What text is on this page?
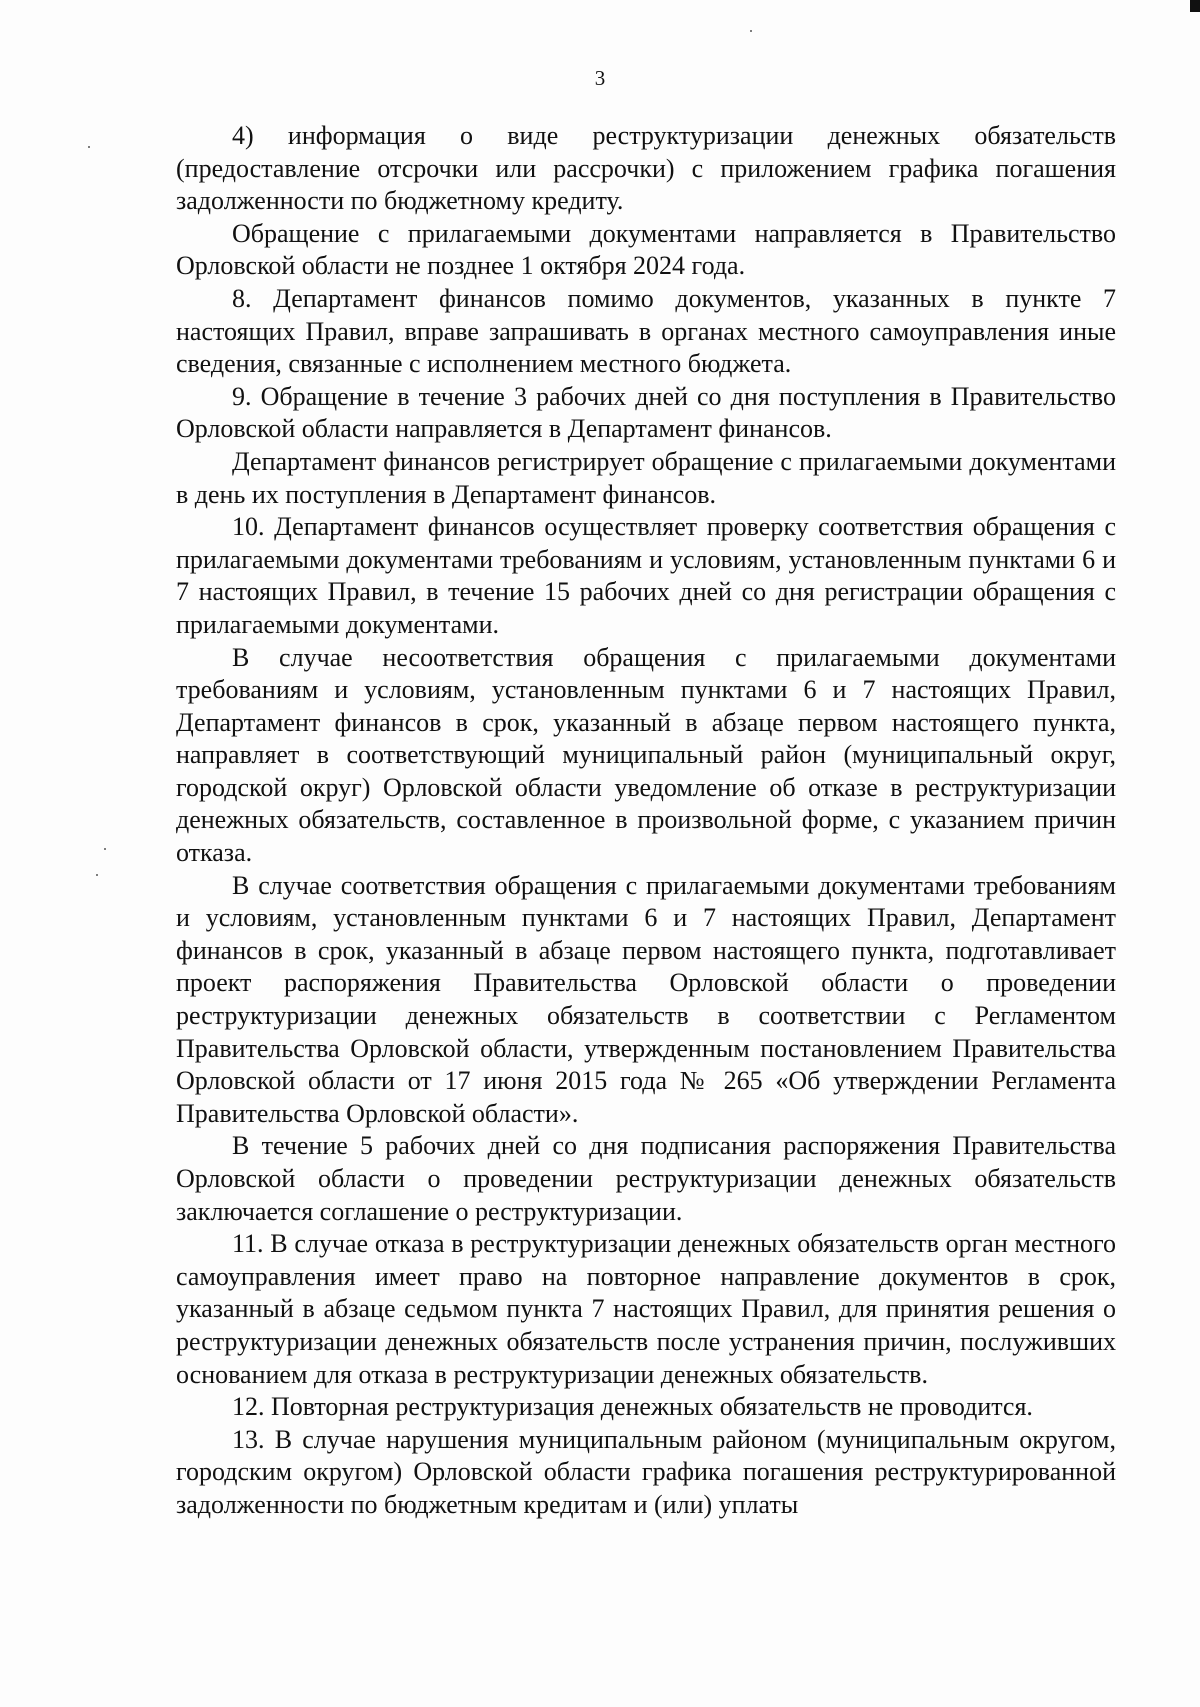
3

4) информация о виде реструктуризации денежных обязательств (предоставление отсрочки или рассрочки) с приложением графика погашения задолженности по бюджетному кредиту.

Обращение с прилагаемыми документами направляется в Правительство Орловской области не позднее 1 октября 2024 года.

8. Департамент финансов помимо документов, указанных в пункте 7 настоящих Правил, вправе запрашивать в органах местного самоуправления иные сведения, связанные с исполнением местного бюджета.

9. Обращение в течение 3 рабочих дней со дня поступления в Правительство Орловской области направляется в Департамент финансов.

Департамент финансов регистрирует обращение с прилагаемыми документами в день их поступления в Департамент финансов.

10. Департамент финансов осуществляет проверку соответствия обращения с прилагаемыми документами требованиям и условиям, установленным пунктами 6 и 7 настоящих Правил, в течение 15 рабочих дней со дня регистрации обращения с прилагаемыми документами.

В случае несоответствия обращения с прилагаемыми документами требованиям и условиям, установленным пунктами 6 и 7 настоящих Правил, Департамент финансов в срок, указанный в абзаце первом настоящего пункта, направляет в соответствующий муниципальный район (муниципальный округ, городской округ) Орловской области уведомление об отказе в реструктуризации денежных обязательств, составленное в произвольной форме, с указанием причин отказа.

В случае соответствия обращения с прилагаемыми документами требованиям и условиям, установленным пунктами 6 и 7 настоящих Правил, Департамент финансов в срок, указанный в абзаце первом настоящего пункта, подготавливает проект распоряжения Правительства Орловской области о проведении реструктуризации денежных обязательств в соответствии с Регламентом Правительства Орловской области, утвержденным постановлением Правительства Орловской области от 17 июня 2015 года № 265 «Об утверждении Регламента Правительства Орловской области».

В течение 5 рабочих дней со дня подписания распоряжения Правительства Орловской области о проведении реструктуризации денежных обязательств заключается соглашение о реструктуризации.

11. В случае отказа в реструктуризации денежных обязательств орган местного самоуправления имеет право на повторное направление документов в срок, указанный в абзаце седьмом пункта 7 настоящих Правил, для принятия решения о реструктуризации денежных обязательств после устранения причин, послуживших основанием для отказа в реструктуризации денежных обязательств.

12. Повторная реструктуризация денежных обязательств не проводится.

13. В случае нарушения муниципальным районом (муниципальным округом, городским округом) Орловской области графика погашения реструктурированной задолженности по бюджетным кредитам и (или) уплаты
